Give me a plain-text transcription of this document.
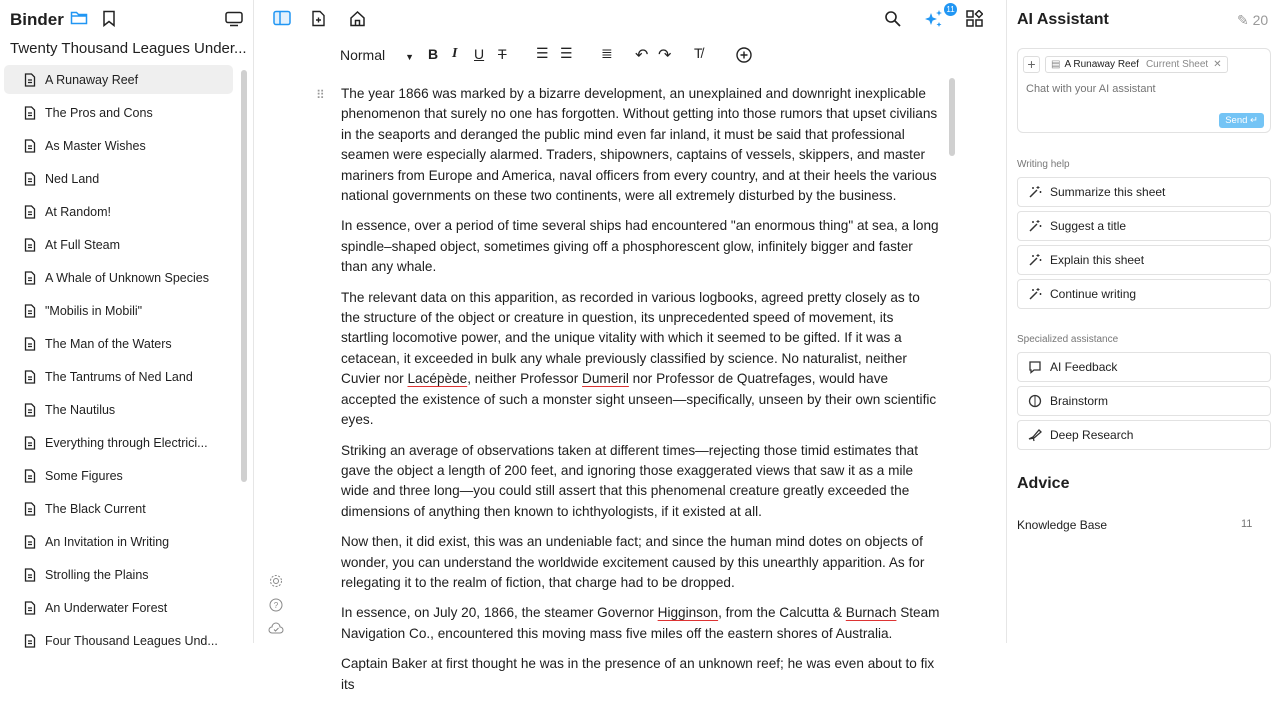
Binder
Twenty Thousand Leagues Under...
A Runaway Reef
The Pros and Cons
As Master Wishes
Ned Land
At Random!
At Full Steam
A Whale of Unknown Species
"Mobilis in Mobili"
The Man of the Waters
The Tantrums of Ned Land
The Nautilus
Everything through Electrici...
Some Figures
The Black Current
An Invitation in Writing
Strolling the Plains
An Underwater Forest
Four Thousand Leagues Und...
11
Normal ▼ B I U T ☰ ☰ ≣ ↶ ↷ T̸
⠿ The year 1866 was marked by a bizarre development, an unexplained and downright inexplicable phenomenon that surely no one has forgotten. Without getting into those rumors that upset civilians in the seaports and deranged the public mind even far inland, it must be said that professional seamen were especially alarmed. Traders, shipowners, captains of vessels, skippers, and master mariners from Europe and America, naval officers from every country, and at their heels the various national governments on these two continents, were all extremely disturbed by the business.

In essence, over a period of time several ships had encountered "an enormous thing" at sea, a long spindle–shaped object, sometimes giving off a phosphorescent glow, infinitely bigger and faster than any whale.

The relevant data on this apparition, as recorded in various logbooks, agreed pretty closely as to the structure of the object or creature in question, its unprecedented speed of movement, its startling locomotive power, and the unique vitality with which it seemed to be gifted. If it was a cetacean, it exceeded in bulk any whale previously classified by science. No naturalist, neither Cuvier nor Lacépède, neither Professor Dumeril nor Professor de Quatrefages, would have accepted the existence of such a monster sight unseen—specifically, unseen by their own scientific eyes.

Striking an average of observations taken at different times—rejecting those timid estimates that gave the object a length of 200 feet, and ignoring those exaggerated views that saw it as a mile wide and three long—you could still assert that this phenomenal creature greatly exceeded the dimensions of anything then known to ichthyologists, if it existed at all.

Now then, it did exist, this was an undeniable fact; and since the human mind dotes on objects of wonder, you can understand the worldwide excitement caused by this unearthly apparition. As for relegating it to the realm of fiction, that charge had to be dropped.

In essence, on July 20, 1866, the steamer Governor Higginson, from the Calcutta & Burnach Steam Navigation Co., encountered this moving mass five miles off the eastern shores of Australia.

Captain Baker at first thought he was in the presence of an unknown reef; he was even about to fix its

?
AI Assistant	✎ 20
+	▤ A Runaway Reef Current Sheet ✕
Chat with your AI assistant
Send ↵
Writing help
Summarize this sheet
Suggest a title
Explain this sheet
Continue writing
Specialized assistance
AI Feedback
Brainstorm
Deep Research
Advice
Knowledge Base	11
